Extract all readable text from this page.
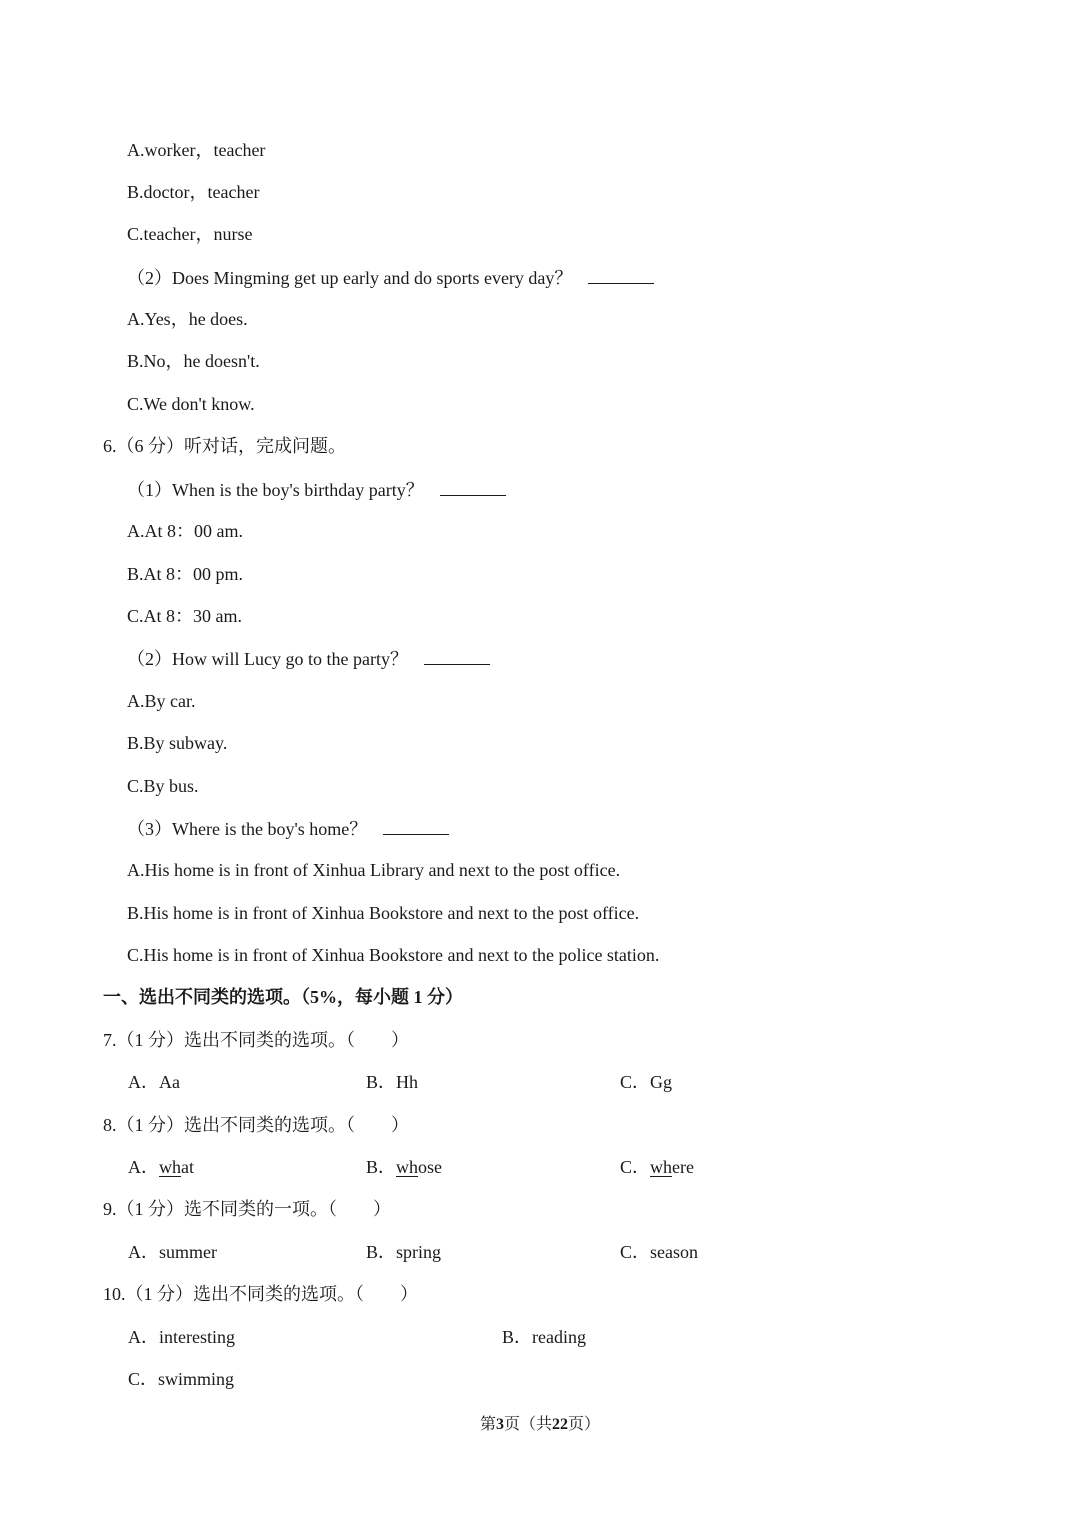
A.worker，teacher
B.doctor，teacher
C.teacher，nurse
（2）Does Mingming get up early and do sports every day？
A.Yes，he does.
B.No，he doesn't.
C.We don't know.
6.（6 分）听对话，完成问题。
（1）When is the boy's birthday party？
A.At 8：00 am.
B.At 8：00 pm.
C.At 8：30 am.
（2）How will Lucy go to the party？
A.By car.
B.By subway.
C.By bus.
（3）Where is the boy's home？
A.His home is in front of Xinhua Library and next to the post office.
B.His home is in front of Xinhua Bookstore and next to the post office.
C.His home is in front of Xinhua Bookstore and next to the police station.
一、选出不同类的选项。（5%，每小题 1 分）
7.（1 分）选出不同类的选项。（　　）
A．Aa	B．Hh	C．Gg
8.（1 分）选出不同类的选项。（　　）
A．what	B．whose	C．where
9.（1 分）选不同类的一项。（　　）
A．summer	B．spring	C．season
10.（1 分）选出不同类的选项。（　　）
A．interesting	B．reading
C．swimming
第3页（共22页）
